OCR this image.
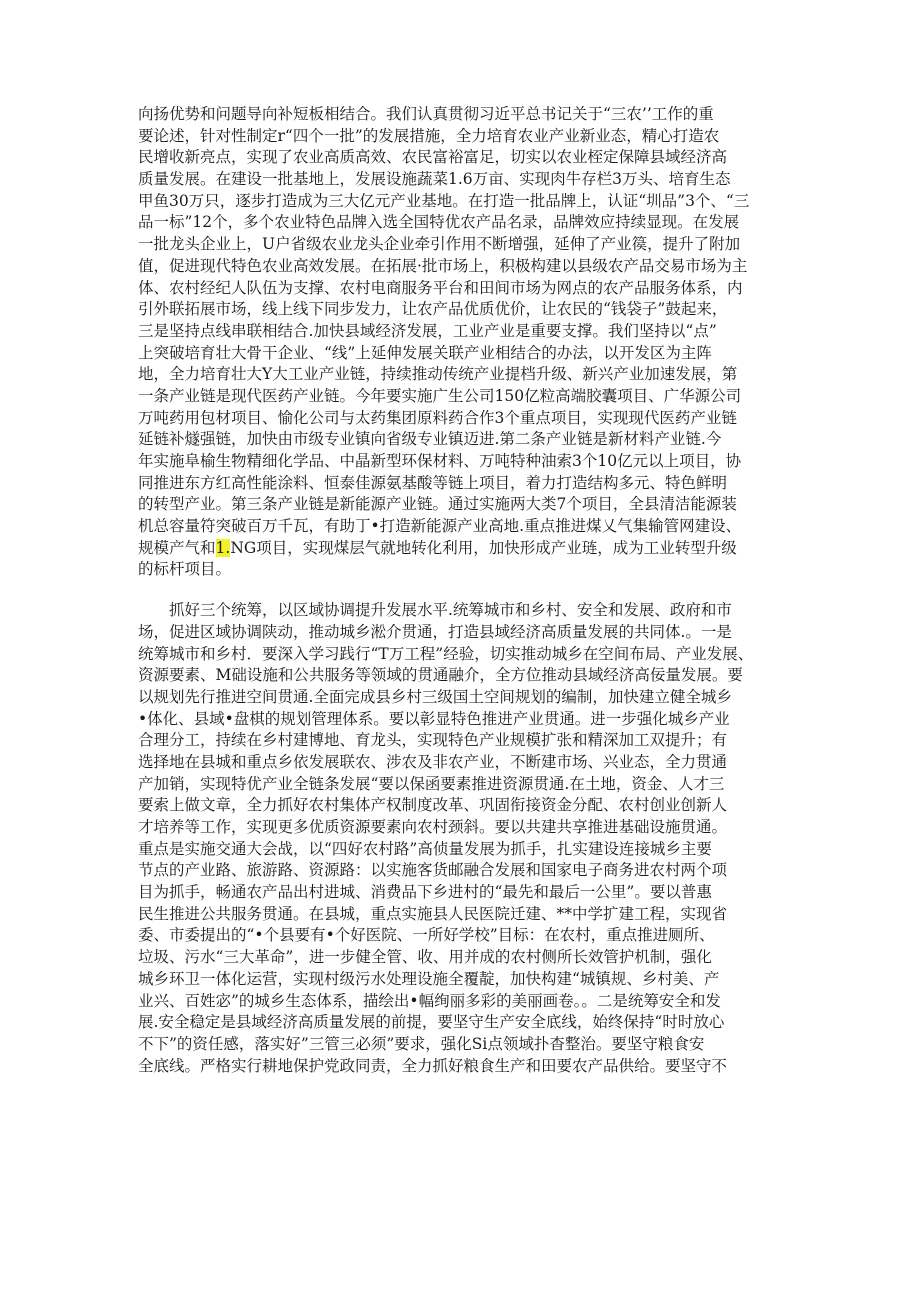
向扬优势和问题导向补短板相结合。我们认真贯彻习近平总书记关于“三农’’工作的重
要论述，针对性制定r“四个一批”的发展措施，全力培育农业产业新业态，精心打造农
民增收新亮点，实现了农业高质高效、农民富裕富足，切实以农业桎定保障县域经济高
质量发展。在建设一批基地上，发展设施蔬菜1.6万亩、实现肉牛存栏3万头、培育生态
甲鱼30万只，逐步打造成为三大亿元产业基地。在打造一批品牌上，认证“圳品”3个、“三
品一标”12个，多个农业特色品牌入选全国特优农产品名录，品牌效应持续显现。在发展
一批龙头企业上，U户省级农业龙头企业牵引作用不断增强，延伸了产业篌，提升了附加
值，促进现代特色农业高效发展。在拓展·批市场上，积极构建以县级农产品交易市场为主
体、农村经纪人队伍为支撑、农村电商服务平台和田间市场为网点的农产品服务体系，内
引外联拓展市场，线上线下同步发力，让农产品优质优价，让农民的“钱袋子”鼓起来，
三是坚持点线串联相结合.加快县域经济发展，工业产业是重要支撑。我们坚持以“点”
上突破培育壮大骨干企业、“线”上延伸发展关联产业相结合的办法，以开发区为主阵
地，全力培育壮大Y大工业产业链，持续推动传统产业提档升级、新兴产业加速发展，第
一条产业链是现代医药产业链。今年要实施广生公司150亿粒高端胶囊项目、广华源公司
万吨药用包材项目、愉化公司与太药集团原料药合作3个重点项目，实现现代医药产业链
延链补燧强链，加快由市级专业镇向省级专业镇迈进.第二条产业链是新材料产业链.今
年实施阜榆生物精细化学品、中晶新型环保材料、万吨特种油索3个10亿元以上项目，协
同推进东方红高性能涂料、恒泰佳源氨基酸等链上项目，着力打造结构多元、特色鲜明
的转型产业。第三条产业链是新能源产业链。通过实施两大类7个项目，全县清洁能源装
机总容量符突破百万千瓦，有助丁•打造新能源产业高地.重点推进煤乂气集输管网建设、
规模产气和1.NG项目，实现煤层气就地转化利用，加快形成产业琏，成为工业转型升级
的标杆项目。
　　抓好三个统筹，以区域协调提升发展水平.统筹城市和乡村、安全和发展、政府和市
场，促进区域协调陕动，推动城乡淞介贯通，打造县域经济高质量发展的共同体.。一是
统筹城市和乡村．要深入学习践行“T万工程”经验，切实推动城乡在空间布局、产业发展、
资源要素、M础设施和公共服务等领域的贯通融介，全方位推动县域经济高佞量发展。要
以规划先行推进空间贯通.全面完成县乡村三级国土空间规划的编制，加快建立健全城乡
•体化、县域•盘棋的规划管理体系。要以彰显特色推进产业贯通。进一步强化城乡产业
合理分工，持续在乡村建博地、育龙头，实现特色产业规模扩张和精深加工双提升；有
选择地在县城和重点乡依发展联农、涉农及非农产业，不断建市场、兴业态，全力贯通
产加销，实现特优产业全链条发展“要以保函要素推进资源贯通.在土地，资金、人才三
要索上做文章，全力抓好农村集体产权制度改革、巩固衔接资金分配、农村创业创新人
才培养等工作，实现更多优质资源要素向农村颈斜。要以共建共享推进基础设施贯通。
重点是实施交通大会战，以“四好农村路”高侦量发展为抓手，扎实建设连接城乡主要
节点的产业路、旅游路、资源路：以实施客货邮融合发展和国家电子商务进农村两个项
目为抓手，畅通农产品出村进城、消费品下乡进村的“最先和最后一公里”。要以普惠
民生推进公共服务贯通。在县城，重点实施县人民医院迁建、**中学扩建工程，实现省
委、市委提出的“•个县要有•个好医院、一所好学校”目标：在农村，重点推进厕所、
垃圾、污水“三大革命”，进一步健全管、收、用并成的农村侧所长效管护机制，强化
城乡环卫一体化运营，实现村级污水处理设施全覆靛，加快构建“城镇规、乡村美、产
业兴、百姓宓”的城乡生态体系，描绘出•幅绚丽多彩的美丽画卷。。二是统筹安全和发
展.安全稳定是县域经济高质量发展的前提，要坚守生产安全底线，始终保持“时时放心
不下”的资任感，落实好”三管三必须”要求，强化Si点领域扑杳整治。要坚守粮食安
全底线。严格实行耕地保护党政同责，全力抓好粮食生产和田要农产品供给。要坚守不
